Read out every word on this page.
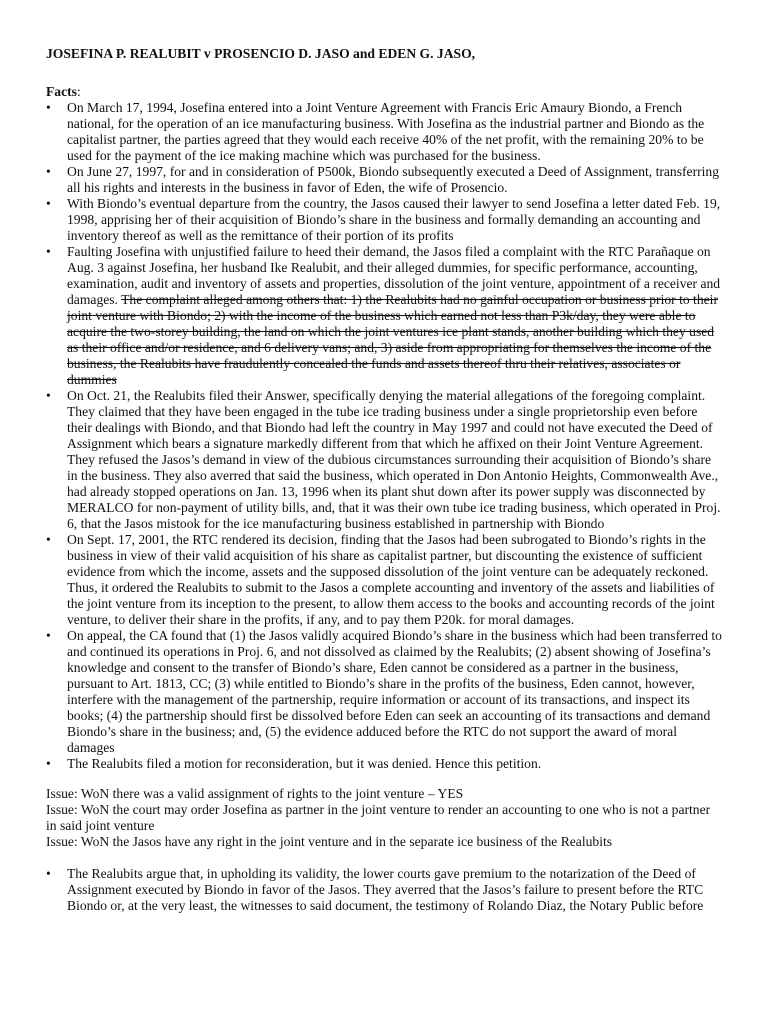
JOSEFINA P. REALUBIT v PROSENCIO D. JASO and EDEN G. JASO,

Facts:

•	On March 17, 1994, Josefina entered into a Joint Venture Agreement with Francis Eric Amaury Biondo, a French national, for the operation of an ice manufacturing business. With Josefina as the industrial partner and Biondo as the capitalist partner, the parties agreed that they would each receive 40% of the net profit, with the remaining 20% to be used for the payment of the ice making machine which was purchased for the business.
•	On June 27, 1997, for and in consideration of P500k, Biondo subsequently executed a Deed of Assignment, transferring all his rights and interests in the business in favor of Eden, the wife of Prosencio.
•	With Biondo’s eventual departure from the country, the Jasos caused their lawyer to send Josefina a letter dated Feb. 19, 1998, apprising her of their acquisition of Biondo’s share in the business and formally demanding an accounting and inventory thereof as well as the remittance of their portion of its profits
•	Faulting Josefina with unjustified failure to heed their demand, the Jasos filed a complaint with the RTC Parañaque on Aug. 3 against Josefina, her husband Ike Realubit, and their alleged dummies, for specific performance, accounting, examination, audit and inventory of assets and properties, dissolution of the joint venture, appointment of a receiver and damages. The complaint alleged among others that: 1) the Realubits had no gainful occupation or business prior to their joint venture with Biondo; 2) with the income of the business which earned not less than P3k/day, they were able to acquire the two-storey building, the land on which the joint ventures ice plant stands, another building which they used as their office and/or residence, and 6 delivery vans; and, 3) aside from appropriating for themselves the income of the business, the Realubits have fraudulently concealed the funds and assets thereof thru their relatives, associates or dummies
•	On Oct. 21, the Realubits filed their Answer, specifically denying the material allegations of the foregoing complaint. They claimed that they have been engaged in the tube ice trading business under a single proprietorship even before their dealings with Biondo, and that Biondo had left the country in May 1997 and could not have executed the Deed of Assignment which bears a signature markedly different from that which he affixed on their Joint Venture Agreement. They refused the Jasos’s demand in view of the dubious circumstances surrounding their acquisition of Biondo’s share in the business. They also averred that said the business, which operated in Don Antonio Heights, Commonwealth Ave., had already stopped operations on Jan. 13, 1996 when its plant shut down after its power supply was disconnected by MERALCO for non-payment of utility bills, and, that it was their own tube ice trading business, which operated in Proj. 6, that the Jasos mistook for the ice manufacturing business established in partnership with Biondo
•	On Sept. 17, 2001, the RTC rendered its decision, finding that the Jasos had been subrogated to Biondo’s rights in the business in view of their valid acquisition of his share as capitalist partner, but discounting the existence of sufficient evidence from which the income, assets and the supposed dissolution of the joint venture can be adequately reckoned. Thus, it ordered the Realubits to submit to the Jasos a complete accounting and inventory of the assets and liabilities of the joint venture from its inception to the present, to allow them access to the books and accounting records of the joint venture, to deliver their share in the profits, if any, and to pay them P20k. for moral damages.
•	On appeal, the CA found that (1) the Jasos validly acquired Biondo’s share in the business which had been transferred to and continued its operations in Proj. 6, and not dissolved as claimed by the Realubits; (2) absent showing of Josefina’s knowledge and consent to the transfer of Biondo’s share, Eden cannot be considered as a partner in the business, pursuant to Art. 1813, CC; (3) while entitled to Biondo’s share in the profits of the business, Eden cannot, however, interfere with the management of the partnership, require information or account of its transactions, and inspect its books; (4) the partnership should first be dissolved before Eden can seek an accounting of its transactions and demand Biondo’s share in the business; and, (5) the evidence adduced before the RTC do not support the award of moral damages
•	The Realubits filed a motion for reconsideration, but it was denied. Hence this petition.

Issue: WoN there was a valid assignment of rights to the joint venture – YES

Issue: WoN the court may order Josefina as partner in the joint venture to render an accounting to one who is not a partner in said joint venture

Issue: WoN the Jasos have any right in the joint venture and in the separate ice business of the Realubits

•	The Realubits argue that, in upholding its validity, the lower courts gave premium to the notarization of the Deed of Assignment executed by Biondo in favor of the Jasos. They averred that the Jasos’s failure to present before the RTC Biondo or, at the very least, the witnesses to said document, the testimony of Rolando Diaz, the Notary Public before
